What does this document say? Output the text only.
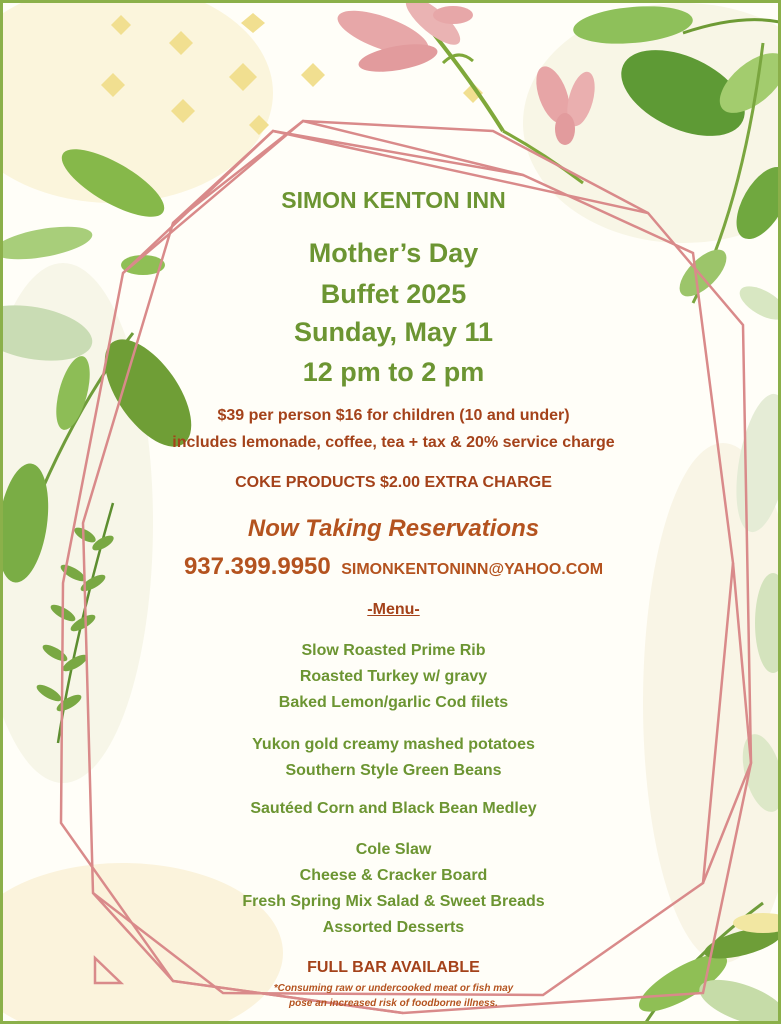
SIMON KENTON INN
Mother’s Day
Buffet 2025
Sunday, May 11
12 pm to 2 pm
$39 per person $16 for children (10 and under)
includes lemonade, coffee, tea + tax & 20% service charge
COKE PRODUCTS $2.00 EXTRA CHARGE
Now Taking Reservations
937.399.9950 SIMONKENTONINN@YAHOO.COM
-Menu-
Slow Roasted Prime Rib
Roasted Turkey w/ gravy
Baked Lemon/garlic Cod filets
Yukon gold creamy mashed potatoes
Southern Style Green Beans
Sautéed Corn and Black Bean Medley
Cole Slaw
Cheese & Cracker Board
Fresh Spring Mix Salad & Sweet Breads
Assorted Desserts
FULL BAR AVAILABLE
*Consuming raw or undercooked meat or fish may
pose an increased risk of foodborne illness.
